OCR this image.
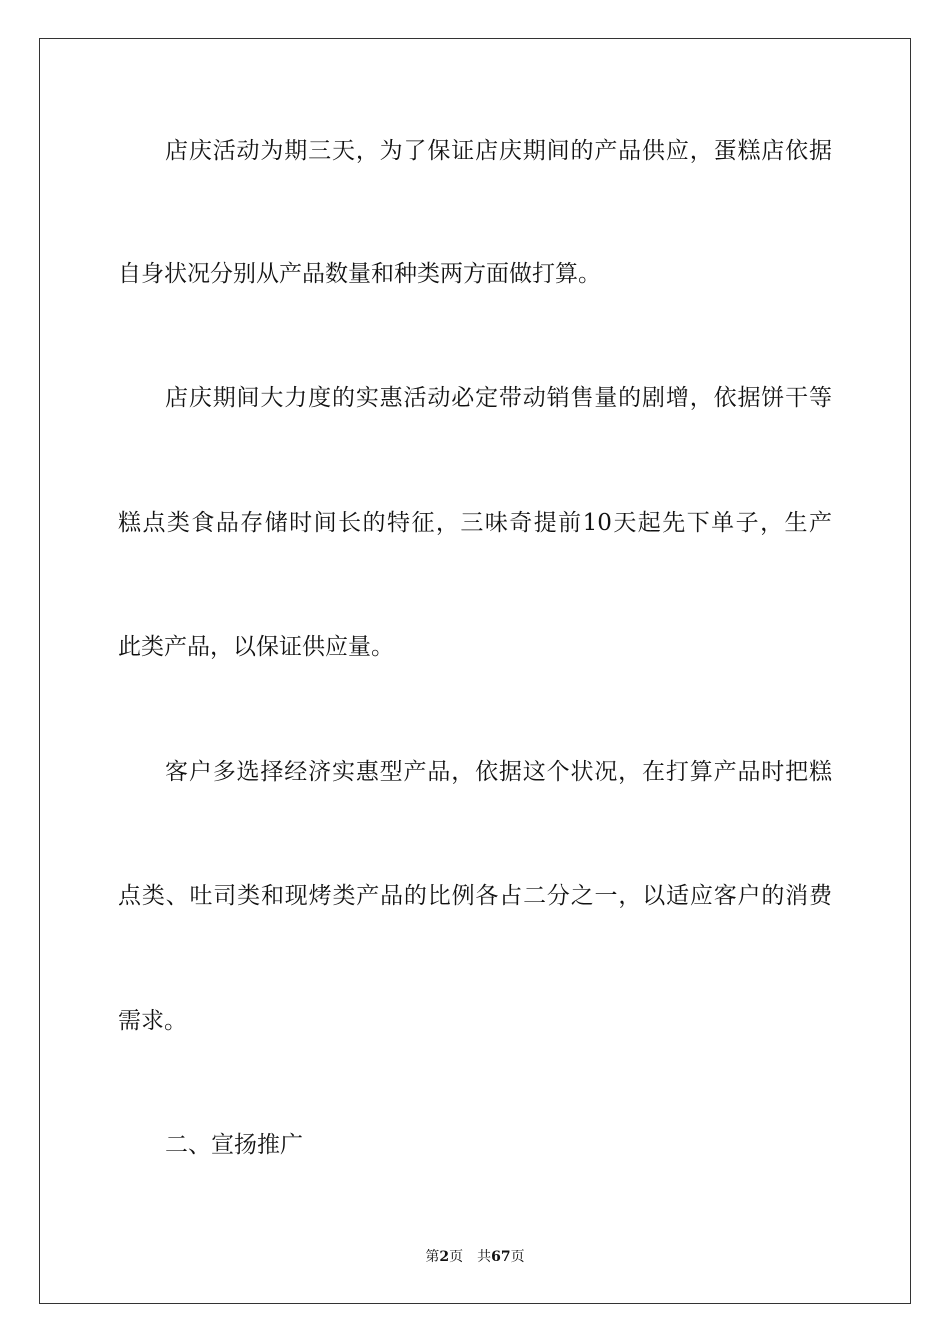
店庆活动为期三天，为了保证店庆期间的产品供应，蛋糕店依据
自身状况分别从产品数量和种类两方面做打算。
店庆期间大力度的实惠活动必定带动销售量的剧增，依据饼干等
糕点类食品存储时间长的特征，三味奇提前10天起先下单子，生产
此类产品，以保证供应量。
客户多选择经济实惠型产品，依据这个状况，在打算产品时把糕
点类、吐司类和现烤类产品的比例各占二分之一，以适应客户的消费
需求。
二、宣扬推广
第2页 共67页
